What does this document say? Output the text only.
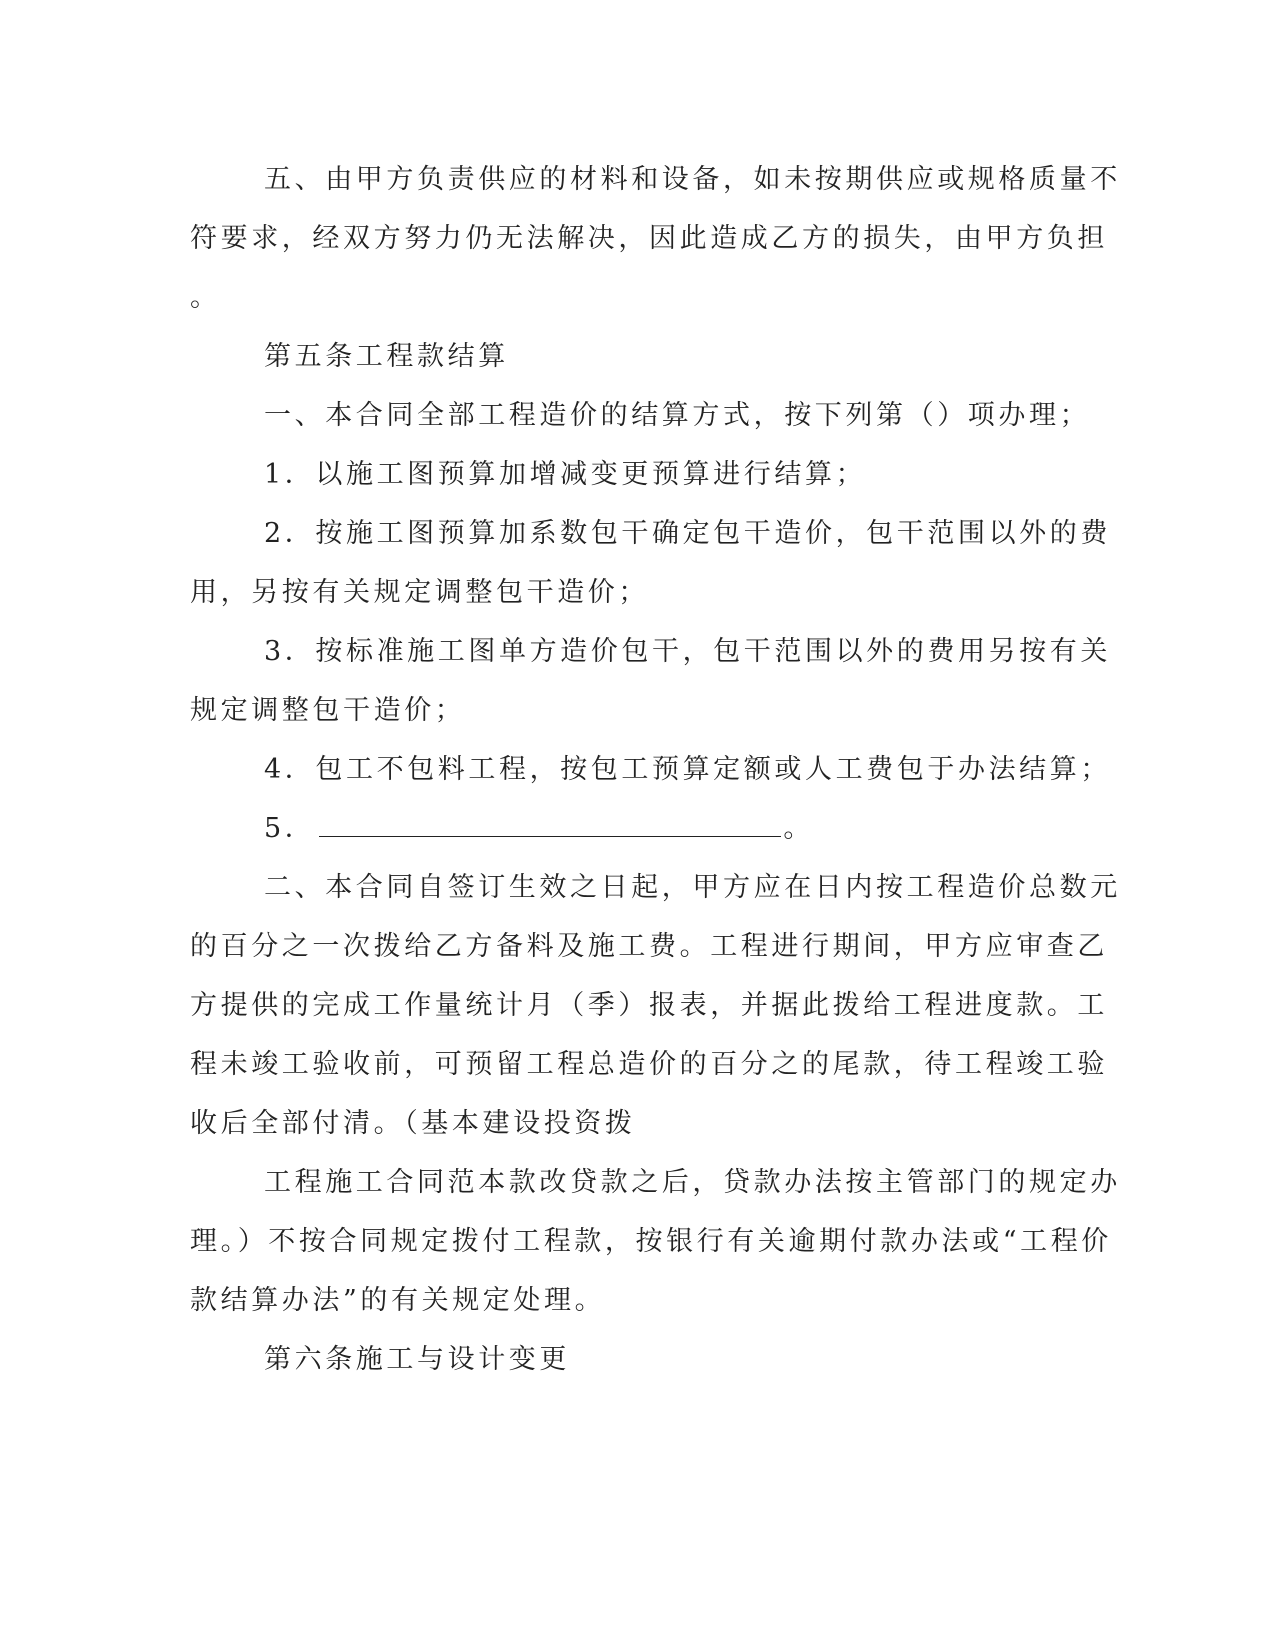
五、由甲方负责供应的材料和设备，如未按期供应或规格质量不
符要求，经双方努力仍无法解决，因此造成乙方的损失，由甲方负担
。
第五条工程款结算
一、本合同全部工程造价的结算方式，按下列第（）项办理；
1．以施工图预算加增减变更预算进行结算；
2．按施工图预算加系数包干确定包干造价，包干范围以外的费
用，另按有关规定调整包干造价；
3．按标准施工图单方造价包干，包干范围以外的费用另按有关
规定调整包干造价；
4．包工不包料工程，按包工预算定额或人工费包于办法结算；
5．	。
二、本合同自签订生效之日起，甲方应在日内按工程造价总数元
的百分之一次拨给乙方备料及施工费。工程进行期间，甲方应审查乙
方提供的完成工作量统计月（季）报表，并据此拨给工程进度款。工
程未竣工验收前，可预留工程总造价的百分之的尾款，待工程竣工验
收后全部付清。（基本建设投资拨
工程施工合同范本款改贷款之后，贷款办法按主管部门的规定办
理。）不按合同规定拨付工程款，按银行有关逾期付款办法或“工程价
款结算办法”的有关规定处理。
第六条施工与设计变更
